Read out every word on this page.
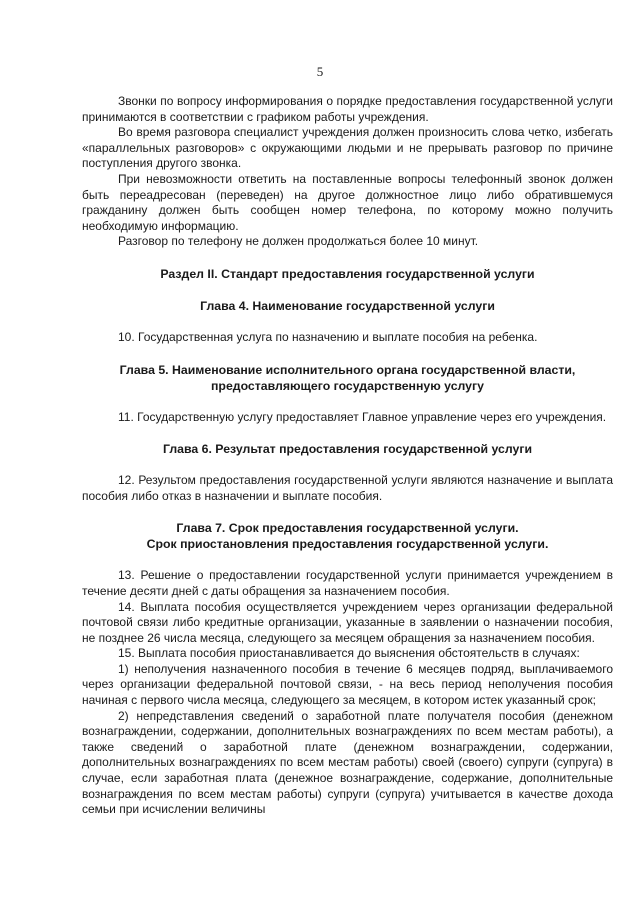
5

Звонки по вопросу информирования о порядке предоставления государственной услуги принимаются в соответствии с графиком работы учреждения.

Во время разговора специалист учреждения должен произносить слова четко, избегать «параллельных разговоров» с окружающими людьми и не прерывать разговор по причине поступления другого звонка.

При невозможности ответить на поставленные вопросы телефонный звонок должен быть переадресован (переведен) на другое должностное лицо либо обратившемуся гражданину должен быть сообщен номер телефона, по которому можно получить необходимую информацию.

Разговор по телефону не должен продолжаться более 10 минут.

Раздел II. Стандарт предоставления государственной услуги
Глава 4. Наименование государственной услуги

10. Государственная услуга по назначению и выплате пособия на ребенка.

Глава 5. Наименование исполнительного органа государственной власти,
предоставляющего государственную услугу

11. Государственную услугу предоставляет Главное управление через его учреждения.

Глава 6. Результат предоставления государственной услуги

12. Результом предоставления государственной услуги являются назначение и выплата пособия либо отказ в назначении и выплате пособия.

Глава 7. Срок предоставления государственной услуги.
Срок приостановления предоставления государственной услуги.

13. Решение о предоставлении государственной услуги принимается учреждением в течение десяти дней с даты обращения за назначением пособия.

14. Выплата пособия осуществляется учреждением через организации федеральной почтовой связи либо кредитные организации, указанные в заявлении о назначении пособия, не позднее 26 числа месяца, следующего за месяцем обращения за назначением пособия.

15. Выплата пособия приостанавливается до выяснения обстоятельств в случаях:

1) неполучения назначенного пособия в течение 6 месяцев подряд, выплачиваемого через организации федеральной почтовой связи, - на весь период неполучения пособия начиная с первого числа месяца, следующего за месяцем, в котором истек указанный срок;

2) непредставления сведений о заработной плате получателя пособия (денежном вознаграждении, содержании, дополнительных вознаграждениях по всем местам работы), а также сведений о заработной плате (денежном вознаграждении, содержании, дополнительных вознаграждениях по всем местам работы) своей (своего) супруги (супруга) в случае, если заработная плата (денежное вознаграждение, содержание, дополнительные вознаграждения по всем местам работы) супруги (супруга) учитывается в качестве дохода семьи при исчислении величины
